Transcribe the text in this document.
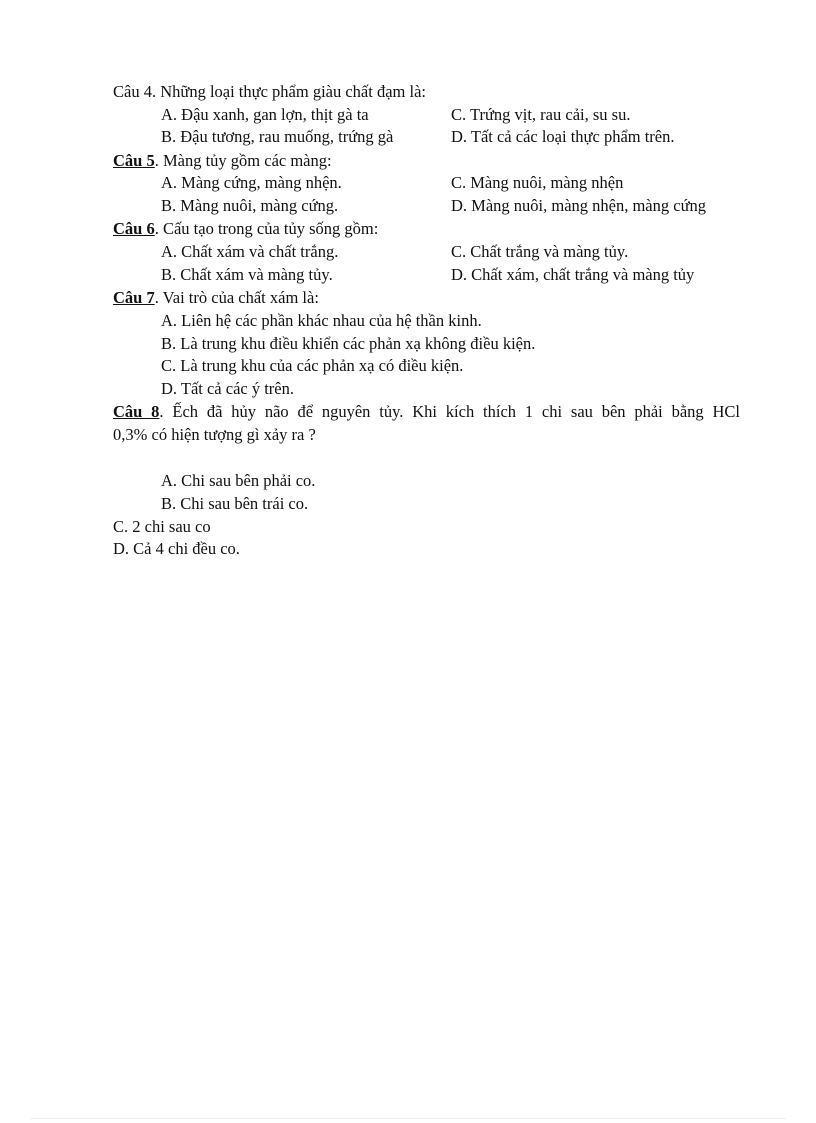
Câu 4. Những loại thực phẩm giàu chất đạm là:
A. Đậu xanh, gan lợn, thịt gà ta	C. Trứng vịt, rau cải, su su.
B. Đậu tương, rau muống, trứng gà	D. Tất cả các loại thực phẩm trên.
Câu 5. Màng tủy gồm các màng:
A. Màng cứng, màng nhện.	C. Màng nuôi, màng nhện
B. Màng nuôi, màng cứng.	D. Màng nuôi, màng nhện, màng cứng
Câu 6. Cấu tạo trong của tủy sống gồm:
A. Chất xám và chất trắng.	C. Chất trắng và màng tủy.
B. Chất xám và màng tủy.	D. Chất xám, chất trắng và màng tủy
Câu 7. Vai trò của chất xám là:
A. Liên hệ các phần khác nhau của hệ thần kinh.
B. Là trung khu điều khiển các phản xạ không điều kiện.
C. Là trung khu của các phản xạ có điều kiện.
D. Tất cả các ý trên.
Câu 8. Ếch đã hủy não để nguyên tủy. Khi kích thích 1 chi sau bên phải bằng HCl
0,3% có hiện tượng gì xảy ra ?
A. Chi sau bên phải co.
B. Chi sau bên trái co.
C. 2 chi sau co
D. Cả 4 chi đều co.
